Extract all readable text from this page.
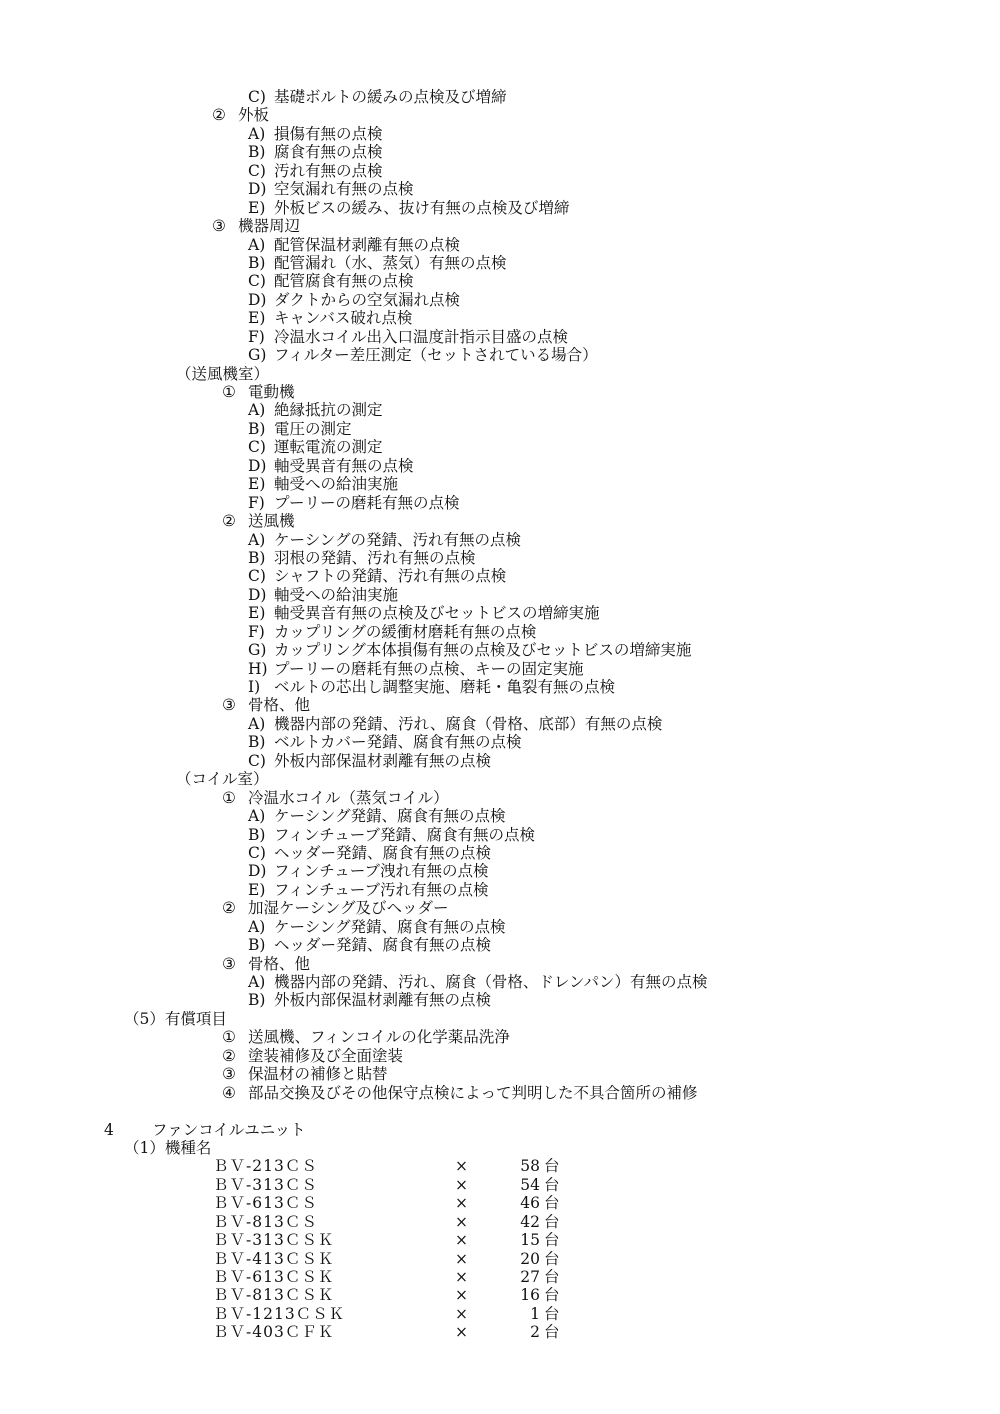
C) 基礎ボルトの緩みの点検及び増締
② 外板
A) 損傷有無の点検
B) 腐食有無の点検
C) 汚れ有無の点検
D) 空気漏れ有無の点検
E) 外板ビスの緩み、抜け有無の点検及び増締
③ 機器周辺
A) 配管保温材剥離有無の点検
B) 配管漏れ（水、蒸気）有無の点検
C) 配管腐食有無の点検
D) ダクトからの空気漏れ点検
E) キャンバス破れ点検
F) 冷温水コイル出入口温度計指示目盛の点検
G) フィルター差圧測定（セットされている場合）
（送風機室）
① 電動機
A) 絶縁抵抗の測定
B) 電圧の測定
C) 運転電流の測定
D) 軸受異音有無の点検
E) 軸受への給油実施
F) プーリーの磨耗有無の点検
② 送風機
A) ケーシングの発錆、汚れ有無の点検
B) 羽根の発錆、汚れ有無の点検
C) シャフトの発錆、汚れ有無の点検
D) 軸受への給油実施
E) 軸受異音有無の点検及びセットビスの増締実施
F) カップリングの緩衝材磨耗有無の点検
G) カップリング本体損傷有無の点検及びセットビスの増締実施
H) プーリーの磨耗有無の点検、キーの固定実施
I) ベルトの芯出し調整実施、磨耗・亀裂有無の点検
③ 骨格、他
A) 機器内部の発錆、汚れ、腐食（骨格、底部）有無の点検
B) ベルトカバー発錆、腐食有無の点検
C) 外板内部保温材剥離有無の点検
（コイル室）
① 冷温水コイル（蒸気コイル）
A) ケーシング発錆、腐食有無の点検
B) フィンチューブ発錆、腐食有無の点検
C) ヘッダー発錆、腐食有無の点検
D) フィンチューブ洩れ有無の点検
E) フィンチューブ汚れ有無の点検
② 加湿ケーシング及びヘッダー
A) ケーシング発錆、腐食有無の点検
B) ヘッダー発錆、腐食有無の点検
③ 骨格、他
A) 機器内部の発錆、汚れ、腐食（骨格、ドレンパン）有無の点検
B) 外板内部保温材剥離有無の点検
（5）有償項目
① 送風機、フィンコイルの化学薬品洗浄
② 塗装補修及び全面塗装
③ 保温材の補修と貼替
④ 部品交換及びその他保守点検によって判明した不具合箇所の補修
4 ファンコイルユニット
（1）機種名
ＢＶ-213ＣＳ	×	58 台
ＢＶ-313ＣＳ	×	54 台
ＢＶ-613ＣＳ	×	46 台
ＢＶ-813ＣＳ	×	42 台
ＢＶ-313ＣＳＫ	×	15 台
ＢＶ-413ＣＳＫ	×	20 台
ＢＶ-613ＣＳＫ	×	27 台
ＢＶ-813ＣＳＫ	×	16 台
ＢＶ-1213ＣＳＫ	×	1 台
ＢＶ-403ＣＦＫ	×	2 台
